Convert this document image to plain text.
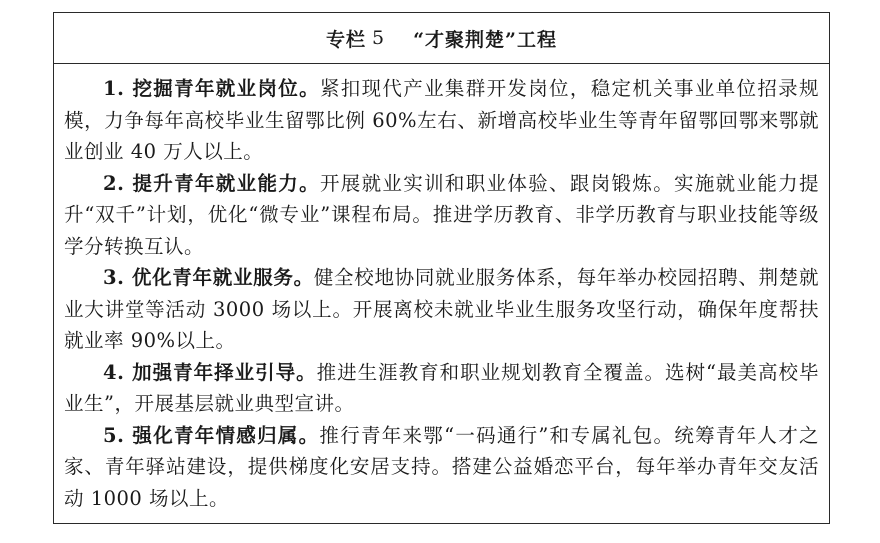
专栏 5 “才聚荆楚”工程

1. 挖掘青年就业岗位。紧扣现代产业集群开发岗位，稳定机关事业单位招录规模，力争每年高校毕业生留鄂比例 60%左右、新增高校毕业生等青年留鄂回鄂来鄂就业创业 40 万人以上。

2. 提升青年就业能力。开展就业实训和职业体验、跟岗锻炼。实施就业能力提升“双千”计划，优化“微专业”课程布局。推进学历教育、非学历教育与职业技能等级学分转换互认。

3. 优化青年就业服务。健全校地协同就业服务体系，每年举办校园招聘、荆楚就业大讲堂等活动 3000 场以上。开展离校未就业毕业生服务攻坚行动，确保年度帮扶就业率 90%以上。

4. 加强青年择业引导。推进生涯教育和职业规划教育全覆盖。选树“最美高校毕业生”，开展基层就业典型宣讲。

5. 强化青年情感归属。推行青年来鄂“一码通行”和专属礼包。统筹青年人才之家、青年驿站建设，提供梯度化安居支持。搭建公益婚恋平台，每年举办青年交友活动 1000 场以上。
